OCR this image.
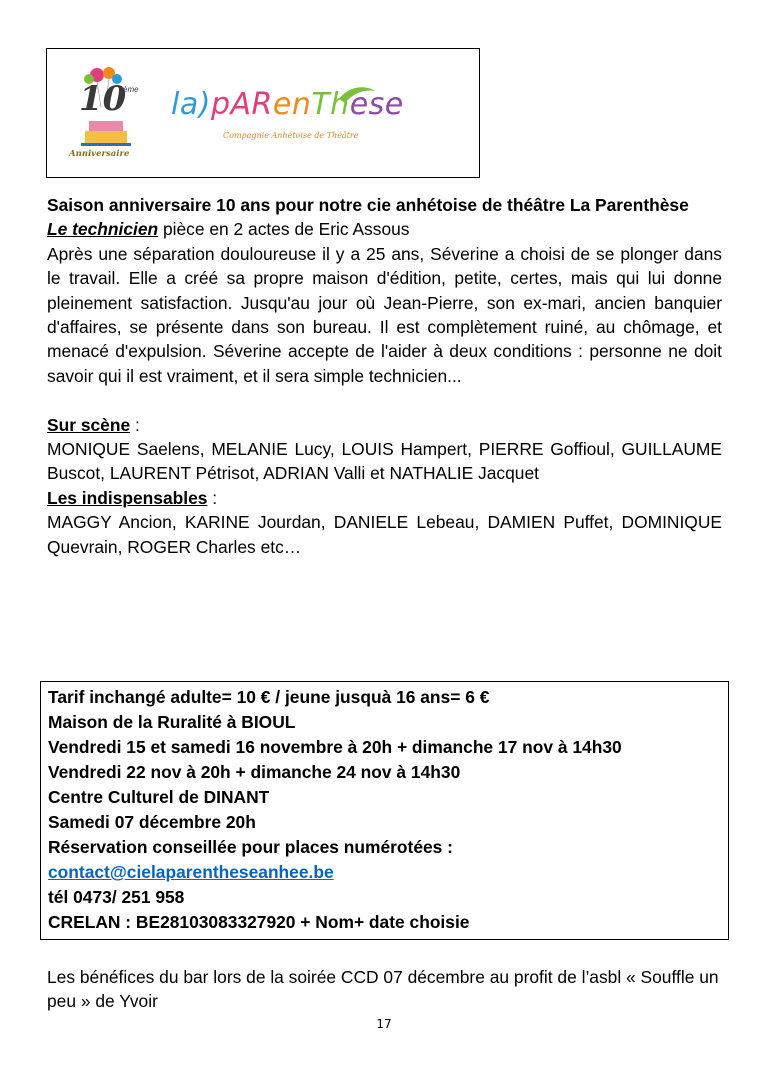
10
ème
Anniversaire
la)pARenThese
Compagnie Anhétoise de Théâtre

Saison anniversaire 10 ans pour notre cie anhétoise de théâtre La Parenthèse

Le technicien pièce en 2 actes de Eric Assous

Après une séparation douloureuse il y a 25 ans, Séverine a choisi de se plonger dans le travail. Elle a créé sa propre maison d'édition, petite, certes, mais qui lui donne pleinement satisfaction. Jusqu'au jour où Jean-Pierre, son ex-mari, ancien banquier d'affaires, se présente dans son bureau. Il est complètement ruiné, au chômage, et menacé d'expulsion. Séverine accepte de l'aider à deux conditions : personne ne doit savoir qui il est vraiment, et il sera simple technicien...

Sur scène :

MONIQUE Saelens, MELANIE Lucy, LOUIS Hampert, PIERRE Goffioul, GUILLAUME Buscot, LAURENT Pétrisot, ADRIAN Valli et NATHALIE Jacquet

Les indispensables :

MAGGY Ancion, KARINE Jourdan, DANIELE Lebeau, DAMIEN Puffet, DOMINIQUE Quevrain, ROGER Charles etc…

Tarif inchangé adulte= 10 € / jeune jusquà 16 ans= 6 €
Maison de la Ruralité à BIOUL
Vendredi 15 et samedi 16 novembre à 20h + dimanche 17 nov à 14h30
Vendredi 22 nov à 20h + dimanche 24 nov à 14h30
Centre Culturel de DINANT
Samedi 07 décembre 20h
Réservation conseillée pour places numérotées :
contact@cielaparentheseanhee.be
tél 0473/ 251 958
CRELAN : BE28103083327920 + Nom+ date choisie
Les bénéfices du bar lors de la soirée CCD 07 décembre au profit de l’asbl « Souffle un peu » de Yvoir
17
